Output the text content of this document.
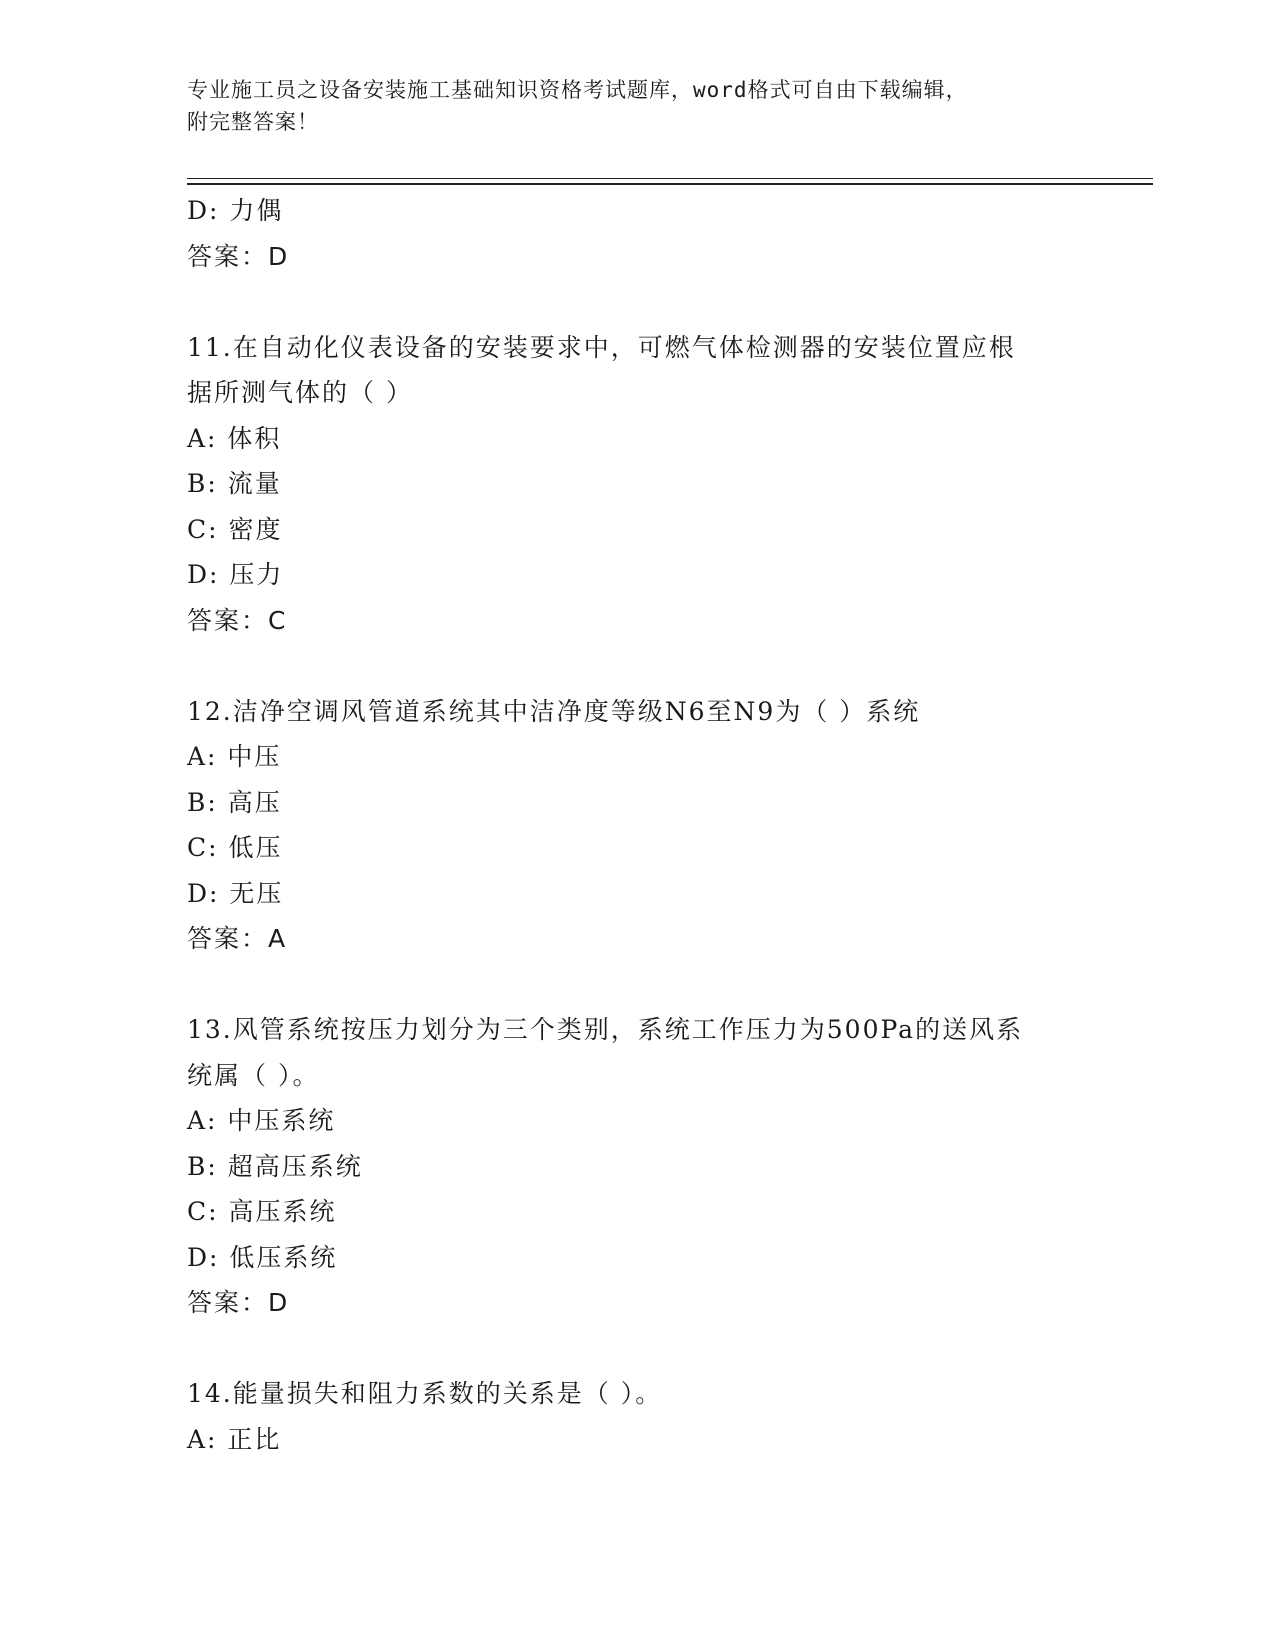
专业施工员之设备安装施工基础知识资格考试题库，word格式可自由下载编辑，
附完整答案！
D: 力偶
答案：D
11.在自动化仪表设备的安装要求中，可燃气体检测器的安装位置应根
据所测气体的（ ）
A: 体积
B: 流量
C: 密度
D: 压力
答案：C
12.洁净空调风管道系统其中洁净度等级N6至N9为（ ）系统
A: 中压
B: 高压
C: 低压
D: 无压
答案：A
13.风管系统按压力划分为三个类别，系统工作压力为500Pa的送风系
统属（ ）。
A: 中压系统
B: 超高压系统
C: 高压系统
D: 低压系统
答案：D
14.能量损失和阻力系数的关系是（ ）。
A: 正比
